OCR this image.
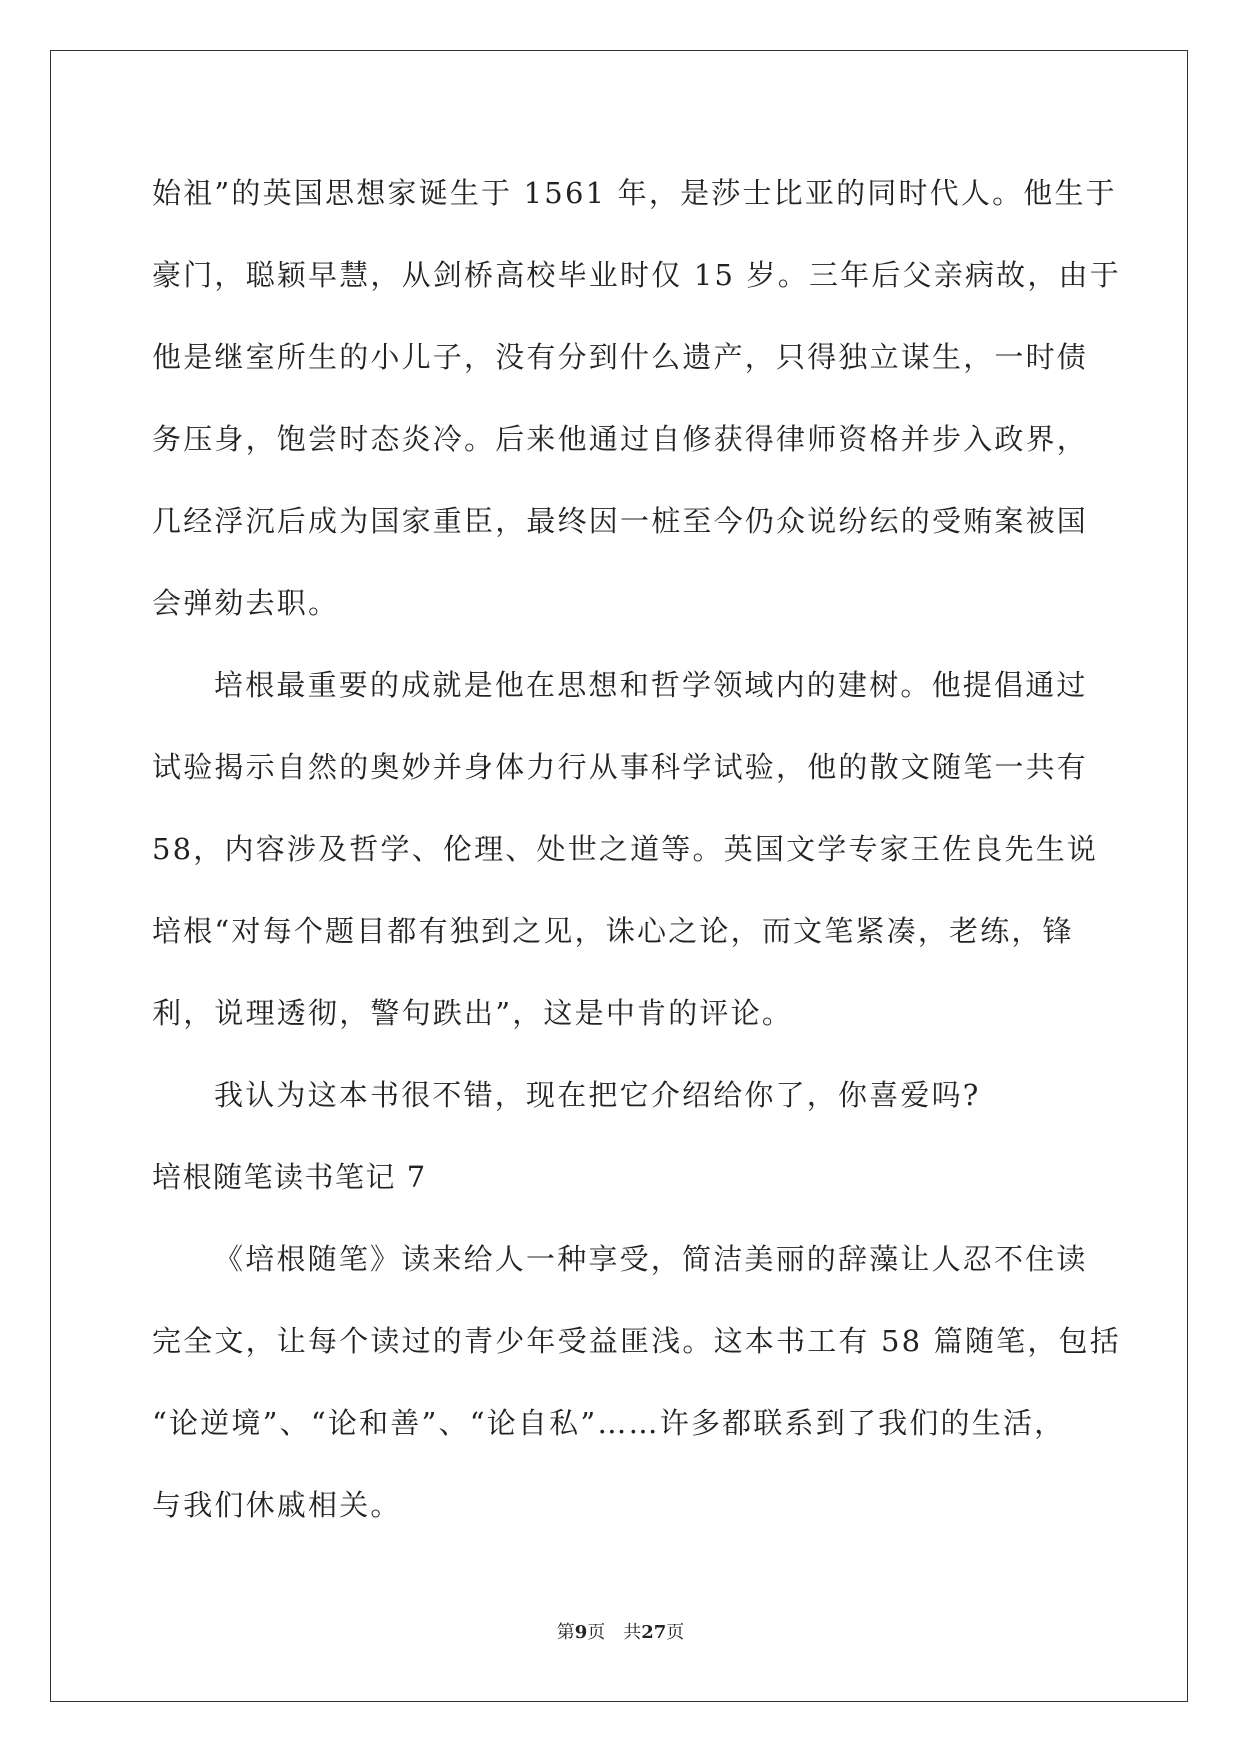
始祖”的英国思想家诞生于 1561 年，是莎士比亚的同时代人。他生于
豪门，聪颖早慧，从剑桥高校毕业时仅 15 岁。三年后父亲病故，由于
他是继室所生的小儿子，没有分到什么遗产，只得独立谋生，一时债
务压身，饱尝时态炎冷。后来他通过自修获得律师资格并步入政界，
几经浮沉后成为国家重臣，最终因一桩至今仍众说纷纭的受贿案被国
会弹劾去职。
培根最重要的成就是他在思想和哲学领域内的建树。他提倡通过
试验揭示自然的奥妙并身体力行从事科学试验，他的散文随笔一共有
58，内容涉及哲学、伦理、处世之道等。英国文学专家王佐良先生说
培根“对每个题目都有独到之见，诛心之论，而文笔紧凑，老练，锋
利，说理透彻，警句跌出”，这是中肯的评论。
我认为这本书很不错，现在把它介绍给你了，你喜爱吗?
培根随笔读书笔记 7
《培根随笔》读来给人一种享受，简洁美丽的辞藻让人忍不住读
完全文，让每个读过的青少年受益匪浅。这本书工有 58 篇随笔，包括
“论逆境”、“论和善”、“论自私”……许多都联系到了我们的生活，
与我们休戚相关。
第9页　共27页
